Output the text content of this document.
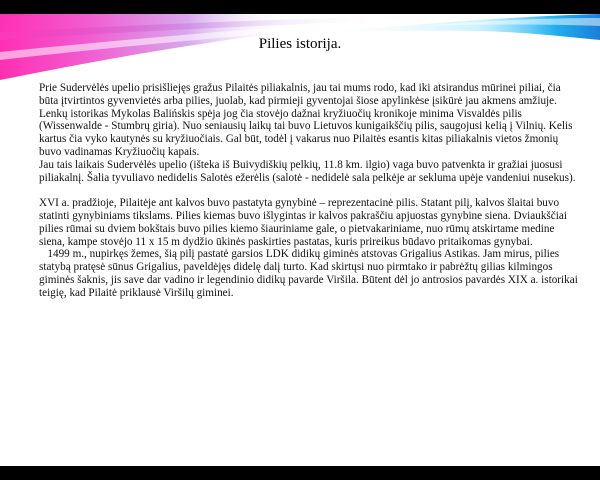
Pilies istorija.

Prie Sudervėlės upelio prisišliejęs gražus Pilaitės piliakalnis, jau tai mums rodo, kad iki atsirandus mūrinei piliai, čia būta įtvirtintos gyvenvietės arba pilies, juolab, kad pirmieji gyventojai šiose apylinkėse įsikūrė jau akmens amžiuje. Lenkų istorikas Mykolas Balińskis spėja jog čia stovėjo dažnai kryžiuočių kronikoje minima Visvaldės pilis (Wissenwalde - Stumbrų giria). Nuo seniausių laikų tai buvo Lietuvos kunigaikščių pilis, saugojusi kelią į Vilnių. Kelis kartus čia vyko kautynės su kryžiuočiais. Gal būt, todėl į vakarus nuo Pilaitės esantis kitas piliakalnis vietos žmonių buvo vadinamas Kryžiuočių kapais.

Jau tais laikais Sudervėlės upelio (išteka iš Buivydiškių pelkių, 11.8 km. ilgio) vaga buvo patvenkta ir gražiai juosusi piliakalnį. Šalia tyvuliavo nedidelis Salotės ežerėlis (salotė - nedidelė sala pelkėje ar sekluma upėje vandeniui nusekus).

XVI a. pradžioje, Pilaitėje ant kalvos buvo pastatyta gynybinė – reprezentacinė pilis. Statant pilį, kalvos šlaitai buvo statinti gynybiniams tikslams. Pilies kiemas buvo išlygintas ir kalvos pakraščiu apjuostas gynybine siena. Dviaukščiai pilies rūmai su dviem bokštais buvo pilies kiemo šiauriniame gale, o pietvakariniame, nuo rūmų atskirtame medine siena, kampe stovėjo 11 x 15 m dydžio ūkinės paskirties pastatas, kuris prireikus būdavo pritaikomas gynybai.

1499 m., nupirkęs žemes, šią pilį pastatė garsios LDK didikų giminės atstovas Grigalius Astikas. Jam mirus, pilies statybą pratęsė sūnus Grigalius, paveldėjęs didelę dalį turto. Kad skirtųsi nuo pirmtako ir pabrėžtų gilias kilmingos giminės šaknis, jis save dar vadino ir legendinio didikų pavarde Viršila. Būtent dėl jo antrosios pavardės XIX a. istorikai teigię, kad Pilaitė priklausė Viršilų giminei.
